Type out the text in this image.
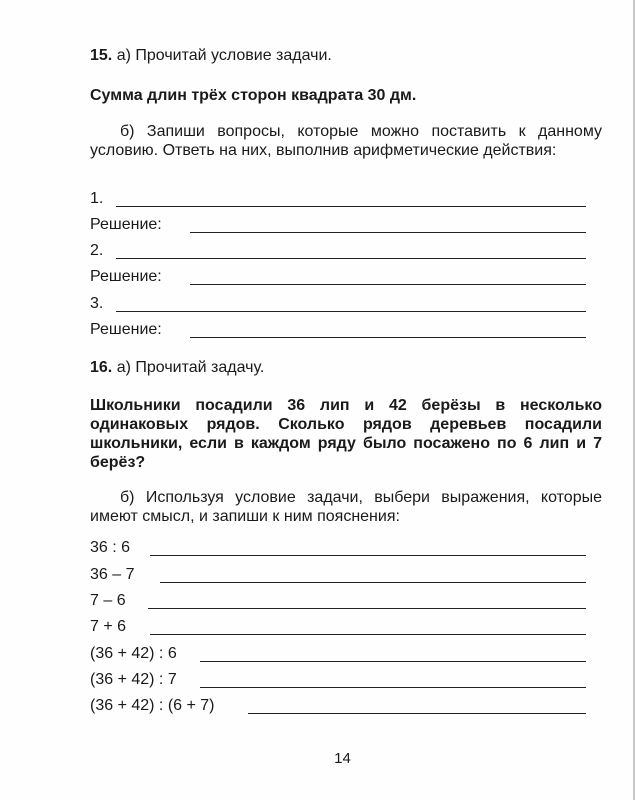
15. а) Прочитай условие задачи.
Сумма длин трёх сторон квадрата 30 дм.
б) Запиши вопросы, которые можно поставить к данному условию. Ответь на них, выполнив арифметические действия:
1.
Решение:
2.
Решение:
3.
Решение:
16. а) Прочитай задачу.
Школьники посадили 36 лип и 42 берёзы в несколько одинаковых рядов. Сколько рядов деревьев посадили школьники, если в каждом ряду было посажено по 6 лип и 7 берёз?
б) Используя условие задачи, выбери выражения, которые имеют смысл, и запиши к ним пояснения:
36 : 6
36 – 7
7 – 6
7 + 6
(36 + 42) : 6
(36 + 42) : 7
(36 + 42) : (6 + 7)
14
